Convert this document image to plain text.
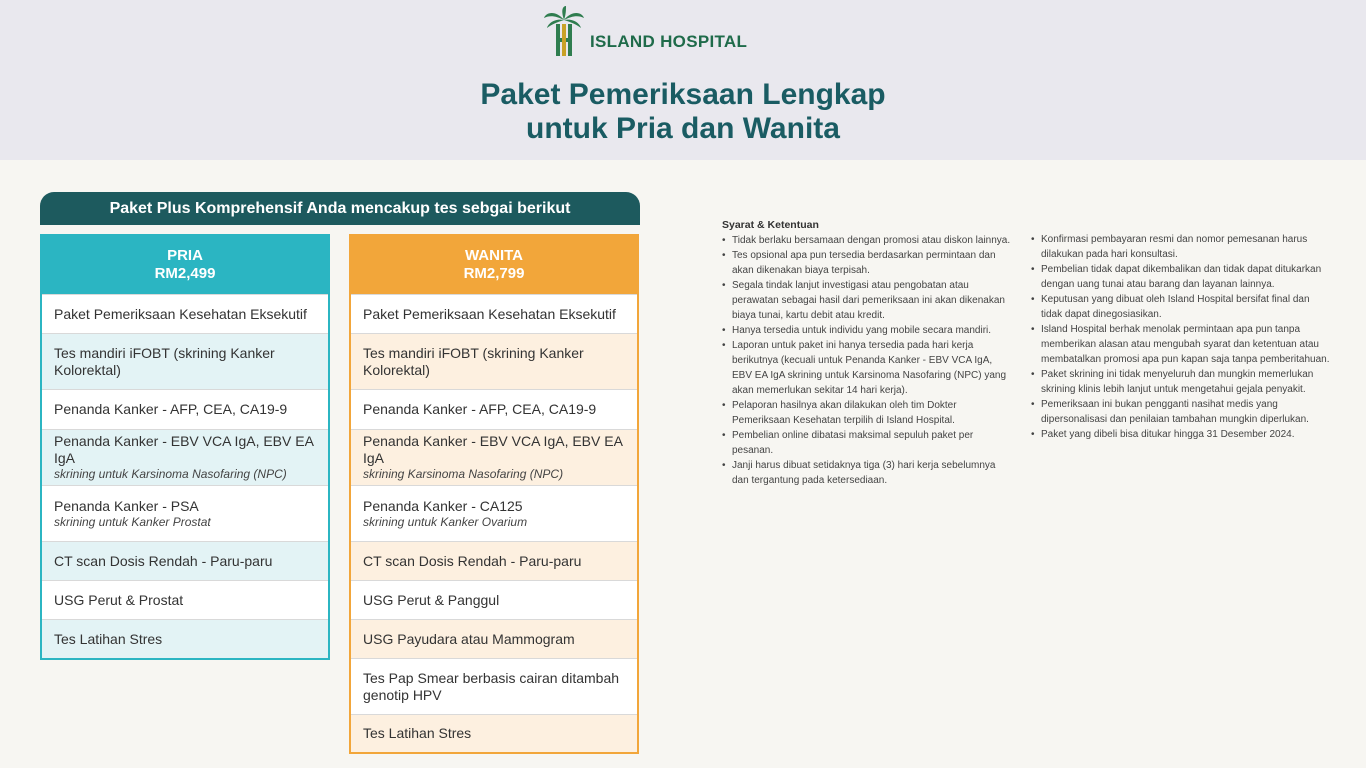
ISLAND HOSPITAL
Paket Pemeriksaan Lengkap
untuk Pria dan Wanita
Paket Plus Komprehensif Anda mencakup tes sebgai berikut
PRIA
RM2,499
Paket Pemeriksaan Kesehatan Eksekutif
Tes mandiri iFOBT (skrining Kanker Kolorektal)
Penanda Kanker - AFP, CEA, CA19-9
Penanda Kanker - EBV VCA IgA, EBV EA IgA
skrining untuk Karsinoma Nasofaring (NPC)
Penanda Kanker - PSA
skrining untuk Kanker Prostat
CT scan Dosis Rendah - Paru-paru
USG Perut & Prostat
Tes Latihan Stres
WANITA
RM2,799
Paket Pemeriksaan Kesehatan Eksekutif
Tes mandiri iFOBT (skrining Kanker Kolorektal)
Penanda Kanker - AFP, CEA, CA19-9
Penanda Kanker - EBV VCA IgA, EBV EA IgA
skrining Karsinoma Nasofaring (NPC)
Penanda Kanker - CA125
skrining untuk Kanker Ovarium
CT scan Dosis Rendah - Paru-paru
USG Perut & Panggul
USG Payudara atau Mammogram
Tes Pap Smear berbasis cairan ditambah genotip HPV
Tes Latihan Stres
Syarat & Ketentuan
• Tidak berlaku bersamaan dengan promosi atau diskon lainnya.
• Tes opsional apa pun tersedia berdasarkan permintaan dan akan dikenakan biaya terpisah.
• Segala tindak lanjut investigasi atau pengobatan atau perawatan sebagai hasil dari pemeriksaan ini akan dikenakan biaya tunai, kartu debit atau kredit.
• Hanya tersedia untuk individu yang mobile secara mandiri.
• Laporan untuk paket ini hanya tersedia pada hari kerja berikutnya (kecuali untuk Penanda Kanker - EBV VCA IgA, EBV EA IgA skrining untuk Karsinoma Nasofaring (NPC) yang akan memerlukan sekitar 14 hari kerja).
• Pelaporan hasilnya akan dilakukan oleh tim Dokter Pemeriksaan Kesehatan terpilih di Island Hospital.
• Pembelian online dibatasi maksimal sepuluh paket per pesanan.
• Janji harus dibuat setidaknya tiga (3) hari kerja sebelumnya dan tergantung pada ketersediaan.
• Konfirmasi pembayaran resmi dan nomor pemesanan harus dilakukan pada hari konsultasi.
• Pembelian tidak dapat dikembalikan dan tidak dapat ditukarkan dengan uang tunai atau barang dan layanan lainnya.
• Keputusan yang dibuat oleh Island Hospital bersifat final dan tidak dapat dinegosiasikan.
• Island Hospital berhak menolak permintaan apa pun tanpa memberikan alasan atau mengubah syarat dan ketentuan atau membatalkan promosi apa pun kapan saja tanpa pemberitahuan.
• Paket skrining ini tidak menyeluruh dan mungkin memerlukan skrining klinis lebih lanjut untuk mengetahui gejala penyakit.
• Pemeriksaan ini bukan pengganti nasihat medis yang dipersonalisasi dan penilaian tambahan mungkin diperlukan.
• Paket yang dibeli bisa ditukar hingga 31 Desember 2024.
